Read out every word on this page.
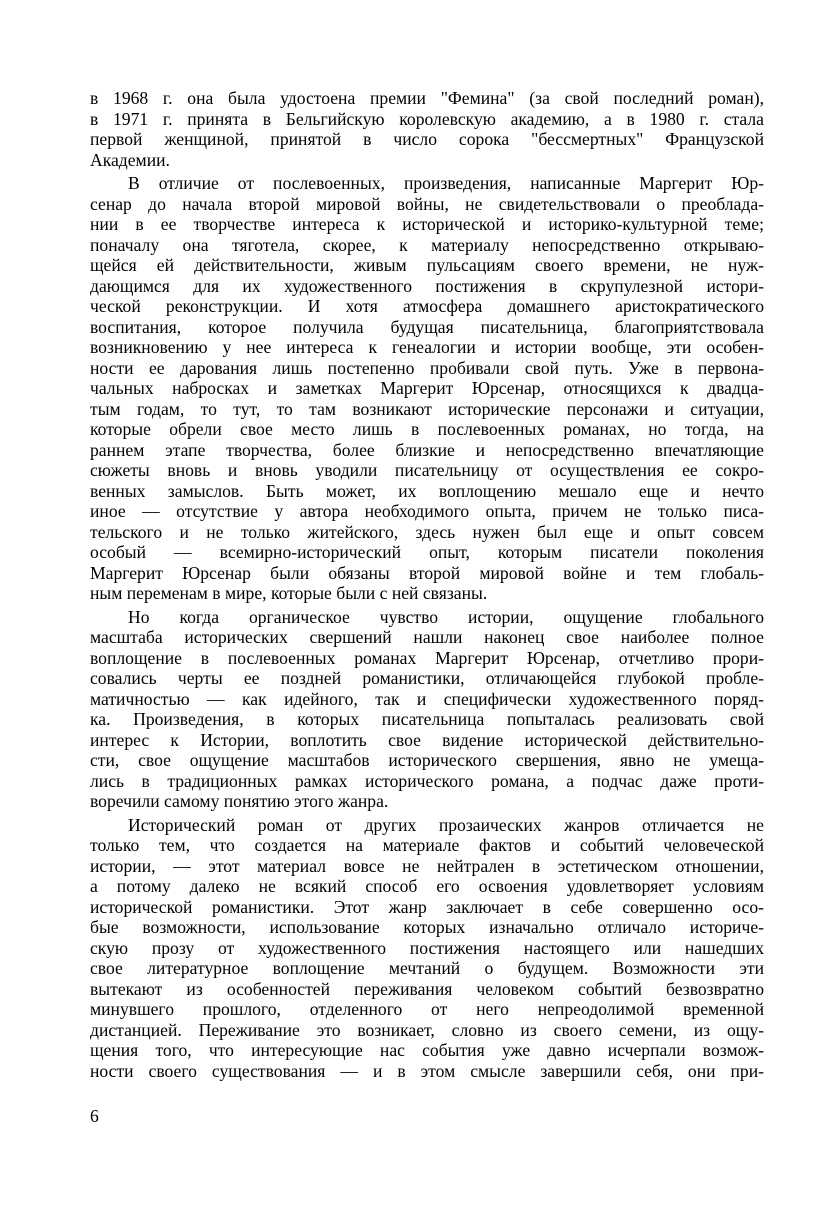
в 1968 г. она была удостоена премии "Фемина" (за свой последний роман),
в 1971 г. принята в Бельгийскую королевскую академию, а в 1980 г. стала
первой женщиной, принятой в число сорока "бессмертных" Французской
Академии.

В отличие от послевоенных, произведения, написанные Маргерит Юр-
сенар до начала второй мировой войны, не свидетельствовали о преоблада-
нии в ее творчестве интереса к исторической и историко-культурной теме;
поначалу она тяготела, скорее, к материалу непосредственно открываю-
щейся ей действительности, живым пульсациям своего времени, не нуж-
дающимся для их художественного постижения в скрупулезной истори-
ческой реконструкции. И хотя атмосфера домашнего аристократического
воспитания, которое получила будущая писательница, благоприятствовала
возникновению у нее интереса к генеалогии и истории вообще, эти особен-
ности ее дарования лишь постепенно пробивали свой путь. Уже в первона-
чальных набросках и заметках Маргерит Юрсенар, относящихся к двадца-
тым годам, то тут, то там возникают исторические персонажи и ситуации,
которые обрели свое место лишь в послевоенных романах, но тогда, на
раннем этапе творчества, более близкие и непосредственно впечатляющие
сюжеты вновь и вновь уводили писательницу от осуществления ее сокро-
венных замыслов. Быть может, их воплощению мешало еще и нечто
иное — отсутствие у автора необходимого опыта, причем не только писа-
тельского и не только житейского, здесь нужен был еще и опыт совсем
особый — всемирно-исторический опыт, которым писатели поколения
Маргерит Юрсенар были обязаны второй мировой войне и тем глобаль-
ным переменам в мире, которые были с ней связаны.

Но когда органическое чувство истории, ощущение глобального
масштаба исторических свершений нашли наконец свое наиболее полное
воплощение в послевоенных романах Маргерит Юрсенар, отчетливо прори-
совались черты ее поздней романистики, отличающейся глубокой пробле-
матичностью — как идейного, так и специфически художественного поряд-
ка. Произведения, в которых писательница попыталась реализовать свой
интерес к Истории, воплотить свое видение исторической действительно-
сти, свое ощущение масштабов исторического свершения, явно не умеща-
лись в традиционных рамках исторического романа, а подчас даже проти-
воречили самому понятию этого жанра.

Исторический роман от других прозаических жанров отличается не
только тем, что создается на материале фактов и событий человеческой
истории, — этот материал вовсе не нейтрален в эстетическом отношении,
а потому далеко не всякий способ его освоения удовлетворяет условиям
исторической романистики. Этот жанр заключает в себе совершенно осо-
бые возможности, использование которых изначально отличало историче-
скую прозу от художественного постижения настоящего или нашедших
свое литературное воплощение мечтаний о будущем. Возможности эти
вытекают из особенностей переживания человеком событий безвозвратно
минувшего прошлого, отделенного от него непреодолимой временной
дистанцией. Переживание это возникает, словно из своего семени, из ощу-
щения того, что интересующие нас события уже давно исчерпали возмож-
ности своего существования — и в этом смысле завершили себя, они при-

6
